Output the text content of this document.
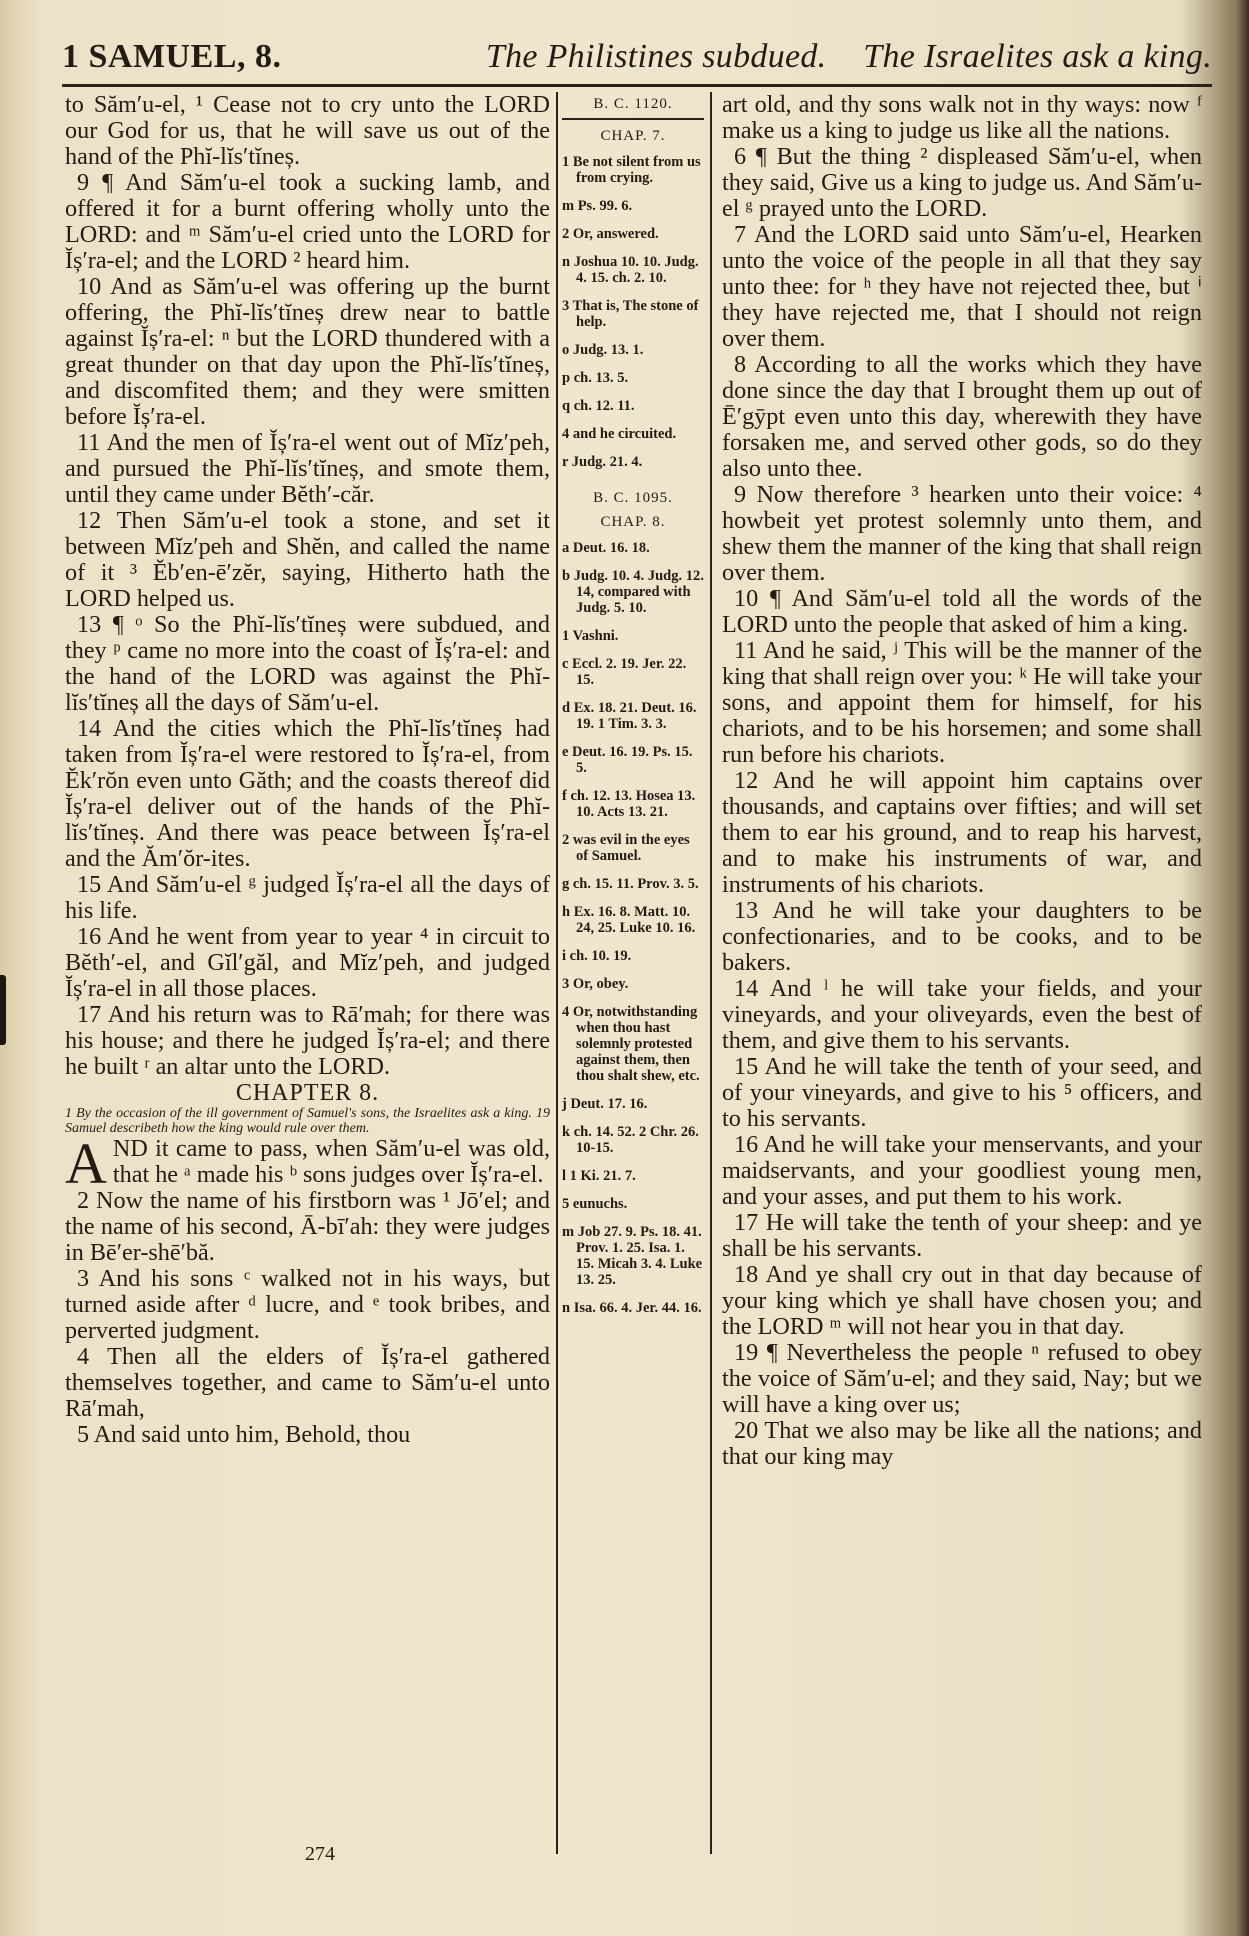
1 SAMUEL, 8.	The Philistines subdued. The Israelites ask a king.

to Săm′u-el, ¹ Cease not to cry unto the LORD our God for us, that he will save us out of the hand of the Phĭ-lĭs′tĭneș.

9 ¶ And Săm′u-el took a sucking lamb, and offered it for a burnt offering wholly unto the LORD: and ᵐ Săm′u-el cried unto the LORD for Ĭș′ra-el; and the LORD ² heard him.

10 And as Săm′u-el was offering up the burnt offering, the Phĭ-lĭs′tĭneș drew near to battle against Ĭș′ra-el: ⁿ but the LORD thundered with a great thunder on that day upon the Phĭ-lĭs′tĭneș, and discomfited them; and they were smitten before Ĭș′ra-el.

11 And the men of Ĭș′ra-el went out of Mĭz′peh, and pursued the Phĭ-lĭs′tĭneș, and smote them, until they came under Bĕth′-căr.

12 Then Săm′u-el took a stone, and set it between Mĭz′peh and Shĕn, and called the name of it ³ Ĕb′en-ē′zĕr, saying, Hitherto hath the LORD helped us.

13 ¶ ᵒ So the Phĭ-lĭs′tĭneș were subdued, and they ᵖ came no more into the coast of Ĭș′ra-el: and the hand of the LORD was against the Phĭ-lĭs′tĭneș all the days of Săm′u-el.

14 And the cities which the Phĭ-lĭs′tĭneș had taken from Ĭș′ra-el were restored to Ĭș′ra-el, from Ĕk′rŏn even unto Găth; and the coasts thereof did Ĭș′ra-el deliver out of the hands of the Phĭ-lĭs′tĭneș. And there was peace between Ĭș′ra-el and the Ăm′ŏr-ites.

15 And Săm′u-el ᵍ judged Ĭș′ra-el all the days of his life.

16 And he went from year to year ⁴ in circuit to Bĕth′-el, and Gĭl′găl, and Mĭz′peh, and judged Ĭș′ra-el in all those places.

17 And his return was to Rā′mah; for there was his house; and there he judged Ĭș′ra-el; and there he built ʳ an altar unto the LORD.

CHAPTER 8.

1 By the occasion of the ill government of Samuel's sons, the Israelites ask a king. 19 Samuel describeth how the king would rule over them.

AND it came to pass, when Săm′u-el was old, that he ᵃ made his ᵇ sons judges over Ĭș′ra-el.

2 Now the name of his firstborn was ¹ Jō′el; and the name of his second, Ā-bī′ah: they were judges in Bē′er-shē′bă.

3 And his sons ᶜ walked not in his ways, but turned aside after ᵈ lucre, and ᵉ took bribes, and perverted judgment.

4 Then all the elders of Ĭș′ra-el gathered themselves together, and came to Săm′u-el unto Rā′mah,

5 And said unto him, Behold, thou

B. C. 1120.
CHAP. 7.
1 Be not silent from us from crying.
m Ps. 99. 6.
2 Or, answered.
n Joshua 10. 10. Judg. 4. 15. ch. 2. 10.
3 That is, The stone of help.
o Judg. 13. 1.
p ch. 13. 5.
q ch. 12. 11.
4 and he circuited.
r Judg. 21. 4.
B. C. 1095.
CHAP. 8.
a Deut. 16. 18.
b Judg. 10. 4. Judg. 12. 14, compared with Judg. 5. 10.
1 Vashni.
c Eccl. 2. 19. Jer. 22. 15.
d Ex. 18. 21. Deut. 16. 19. 1 Tim. 3. 3.
e Deut. 16. 19. Ps. 15. 5.
f ch. 12. 13. Hosea 13. 10. Acts 13. 21.
2 was evil in the eyes of Samuel.
g ch. 15. 11. Prov. 3. 5.
h Ex. 16. 8. Matt. 10. 24, 25. Luke 10. 16.
i ch. 10. 19.
3 Or, obey.
4 Or, notwithstanding when thou hast solemnly protested against them, then thou shalt shew, etc.
j Deut. 17. 16.
k ch. 14. 52. 2 Chr. 26. 10-15.
l 1 Ki. 21. 7.
5 eunuchs.
m Job 27. 9. Ps. 18. 41. Prov. 1. 25. Isa. 1. 15. Micah 3. 4. Luke 13. 25.
n Isa. 66. 4. Jer. 44. 16.

art old, and thy sons walk not in thy ways: now ᶠ make us a king to judge us like all the nations.

6 ¶ But the thing ² displeased Săm′u-el, when they said, Give us a king to judge us. And Săm′u-el ᵍ prayed unto the LORD.

7 And the LORD said unto Săm′u-el, Hearken unto the voice of the people in all that they say unto thee: for ʰ they have not rejected thee, but ⁱ they have rejected me, that I should not reign over them.

8 According to all the works which they have done since the day that I brought them up out of Ē′gȳpt even unto this day, wherewith they have forsaken me, and served other gods, so do they also unto thee.

9 Now therefore ³ hearken unto their voice: ⁴ howbeit yet protest solemnly unto them, and shew them the manner of the king that shall reign over them.

10 ¶ And Săm′u-el told all the words of the LORD unto the people that asked of him a king.

11 And he said, ʲ This will be the manner of the king that shall reign over you: ᵏ He will take your sons, and appoint them for himself, for his chariots, and to be his horsemen; and some shall run before his chariots.

12 And he will appoint him captains over thousands, and captains over fifties; and will set them to ear his ground, and to reap his harvest, and to make his instruments of war, and instruments of his chariots.

13 And he will take your daughters to be confectionaries, and to be cooks, and to be bakers.

14 And ˡ he will take your fields, and your vineyards, and your oliveyards, even the best of them, and give them to his servants.

15 And he will take the tenth of your seed, and of your vineyards, and give to his ⁵ officers, and to his servants.

16 And he will take your menservants, and your maidservants, and your goodliest young men, and your asses, and put them to his work.

17 He will take the tenth of your sheep: and ye shall be his servants.

18 And ye shall cry out in that day because of your king which ye shall have chosen you; and the LORD ᵐ will not hear you in that day.

19 ¶ Nevertheless the people ⁿ refused to obey the voice of Săm′u-el; and they said, Nay; but we will have a king over us;

20 That we also may be like all the nations; and that our king may

274
